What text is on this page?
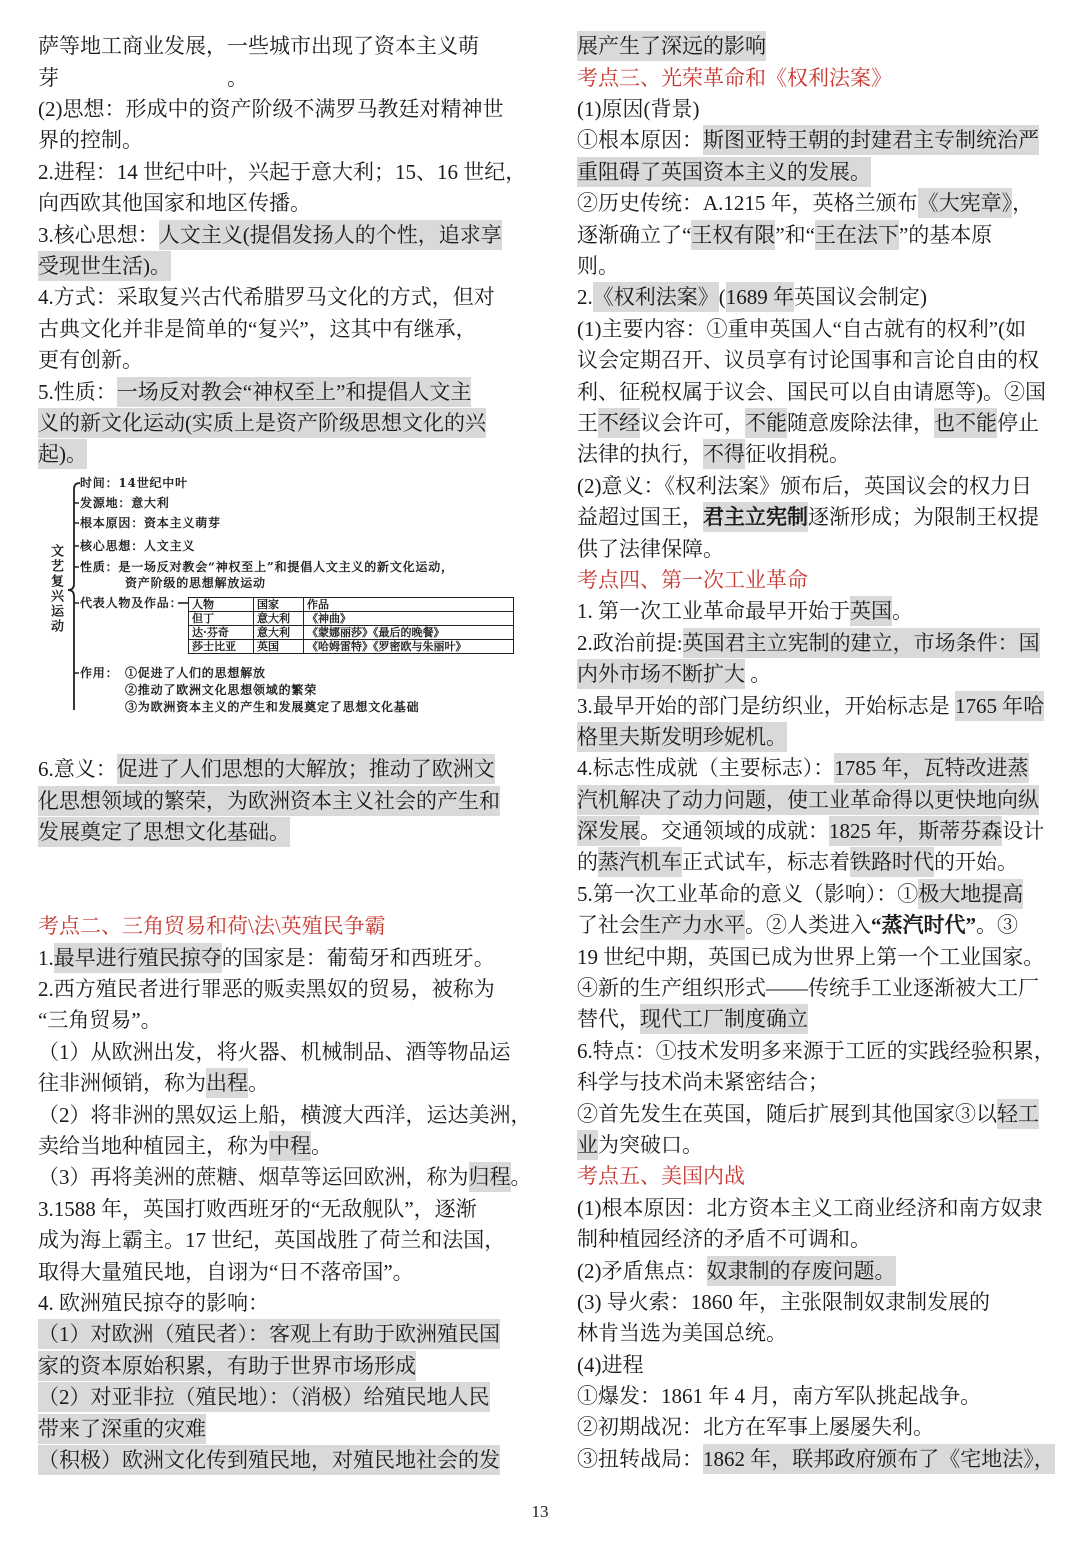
萨等地工商业发展，一些城市出现了资本主义萌
芽　　　　　　　　。
(2)思想：形成中的资产阶级不满罗马教廷对精神世
界的控制。
2.进程：14 世纪中叶，兴起于意大利；15、16 世纪，
向西欧其他国家和地区传播。
3.核心思想：人文主义(提倡发扬人的个性，追求享
受现世生活)。
4.方式：采取复兴古代希腊罗马文化的方式，但对
古典文化并非是简单的“复兴”，这其中有继承，
更有创新。
5.性质：一场反对教会“神权至上”和提倡人文主
义的新文化运动(实质上是资产阶级思想文化的兴
起)。
文艺复兴运动
时间：14世纪中叶
发源地：意大利
根本原因：资本主义萌芽
核心思想：人文主义
性质：是一场反对教会“神权至上”和提倡人文主义的新文化运动，
资产阶级的思想解放运动
代表人物及作品： 人物	国家	作品
但丁	意大利	《神曲》
达·芬奇	意大利	《蒙娜丽莎》《最后的晚餐》
莎士比亚	英国	《哈姆雷特》《罗密欧与朱丽叶》
作用： ①促进了人们的思想解放
②推动了欧洲文化思想领域的繁荣
③为欧洲资本主义的产生和发展奠定了思想文化基础
6.意义：促进了人们思想的大解放；推动了欧洲文
化思想领域的繁荣，为欧洲资本主义社会的产生和
发展奠定了思想文化基础。
考点二、三角贸易和荷\法\英殖民争霸
1.最早进行殖民掠夺的国家是：葡萄牙和西班牙。
2.西方殖民者进行罪恶的贩卖黑奴的贸易，被称为
“三角贸易”。
（1）从欧洲出发，将火器、机械制品、酒等物品运
往非洲倾销，称为出程。
（2）将非洲的黑奴运上船，横渡大西洋，运达美洲，
卖给当地种植园主，称为中程。
（3）再将美洲的蔗糖、烟草等运回欧洲，称为归程。
3.1588 年，英国打败西班牙的“无敌舰队”，逐渐
成为海上霸主。17 世纪，英国战胜了荷兰和法国，
取得大量殖民地，自诩为“日不落帝国”。
4. 欧洲殖民掠夺的影响：
（1）对欧洲（殖民者）：客观上有助于欧洲殖民国
家的资本原始积累，有助于世界市场形成
（2）对亚非拉（殖民地）：（消极）给殖民地人民
带来了深重的灾难
（积极）欧洲文化传到殖民地，对殖民地社会的发
展产生了深远的影响
考点三、光荣革命和《权利法案》
(1)原因(背景)
①根本原因：斯图亚特王朝的封建君主专制统治严
重阻碍了英国资本主义的发展。
②历史传统：A.1215 年，英格兰颁布《大宪章》，
逐渐确立了“王权有限”和“王在法下”的基本原
则。
2.《权利法案》(1689 年英国议会制定)
(1)主要内容：①重申英国人“自古就有的权利”(如
议会定期召开、议员享有讨论国事和言论自由的权
利、征税权属于议会、国民可以自由请愿等)。②国
王不经议会许可，不能随意废除法律，也不能停止
法律的执行，不得征收捐税。
(2)意义：《权利法案》颁布后，英国议会的权力日
益超过国王，君主立宪制逐渐形成；为限制王权提
供了法律保障。
考点四、第一次工业革命
1. 第一次工业革命最早开始于英国。
2.政治前提:英国君主立宪制的建立，市场条件：国
内外市场不断扩大 。
3.最早开始的部门是纺织业，开始标志是 1765 年哈
格里夫斯发明珍妮机。
4.标志性成就（主要标志）：1785 年，瓦特改进蒸
汽机解决了动力问题，使工业革命得以更快地向纵
深发展。交通领域的成就：1825 年，斯蒂芬森设计
的蒸汽机车正式试车，标志着铁路时代的开始。
5.第一次工业革命的意义（影响）：①极大地提高
了社会生产力水平。②人类进入“蒸汽时代”。③
19 世纪中期，英国已成为世界上第一个工业国家。
④新的生产组织形式——传统手工业逐渐被大工厂
替代，现代工厂制度确立
6.特点：①技术发明多来源于工匠的实践经验积累，
科学与技术尚未紧密结合；
②首先发生在英国，随后扩展到其他国家③以轻工
业为突破口。
考点五、美国内战
(1)根本原因：北方资本主义工商业经济和南方奴隶
制种植园经济的矛盾不可调和。
(2)矛盾焦点：奴隶制的存废问题。
(3) 导火索：1860 年，主张限制奴隶制发展的
林肯当选为美国总统。
(4)进程
①爆发：1861 年 4 月，南方军队挑起战争。
②初期战况：北方在军事上屡屡失利。
③扭转战局：1862 年，联邦政府颁布了《宅地法》，
13
